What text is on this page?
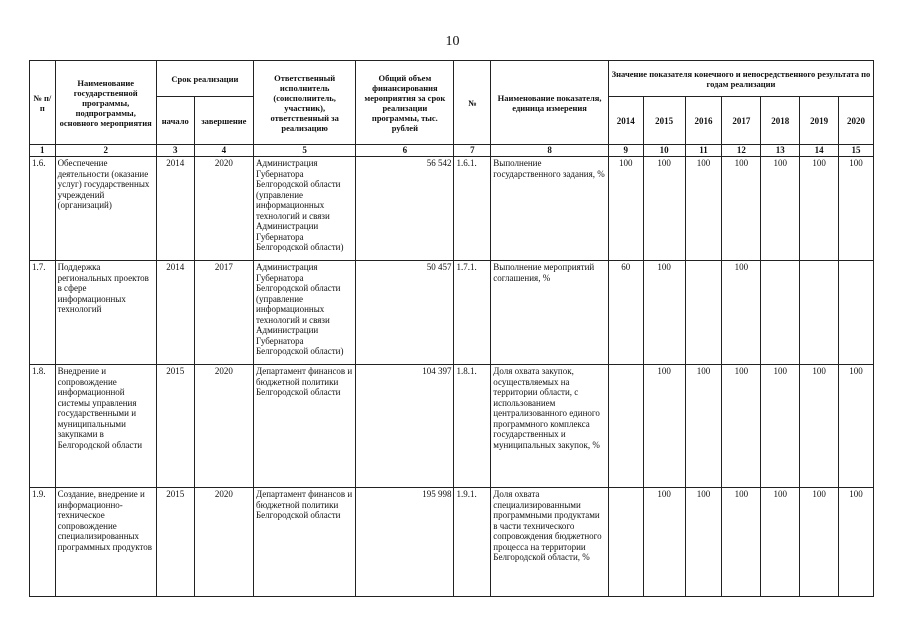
10
№ п/п	Наименование государственной программы, подпрограммы, основного мероприятия	Срок реализации		Ответственный исполнитель (соисполнитель, участник), ответственный за реализацию	Общий объем финансирования мероприятия за срок реализации программы, тыс. рублей	№	Наименование показателя, единица измерения	Значение показателя конечного и непосредственного результата по годам реализации						
		начало	завершение					2014	2015	2016	2017	2018	2019	2020
1	2	3	4	5	6	7	8	9	10	11	12	13	14	15
1.6.	Обеспечение деятельности (оказание услуг) государственных учреждений (организаций)	2014	2020	Администрация Губернатора Белгородской области (управление информационных технологий и связи Администрации Губернатора Белгородской области)	56 542	1.6.1.	Выполнение государственного задания, %	100	100	100	100	100	100	100
1.7.	Поддержка региональных проектов в сфере информационных технологий	2014	2017	Администрация Губернатора Белгородской области (управление информационных технологий и связи Администрации Губернатора Белгородской области)	50 457	1.7.1.	Выполнение мероприятий соглашения, %	60	100		100			
1.8.	Внедрение и сопровождение информационной системы управления государственными и муниципальными закупками в Белгородской области	2015	2020	Департамент финансов и бюджетной политики Белгородской области	104 397	1.8.1.	Доля охвата закупок, осуществляемых на территории области, с использованием централизованного единого программного комплекса государственных и муниципальных закупок, %		100	100	100	100	100	100
1.9.	Создание, внедрение и информационно-техническое сопровождение специализированных программных продуктов	2015	2020	Департамент финансов и бюджетной политики Белгородской области	195 998	1.9.1.	Доля охвата специализированными программными продуктами в части технического сопровождения бюджетного процесса на территории Белгородской области, %		100	100	100	100	100	100
